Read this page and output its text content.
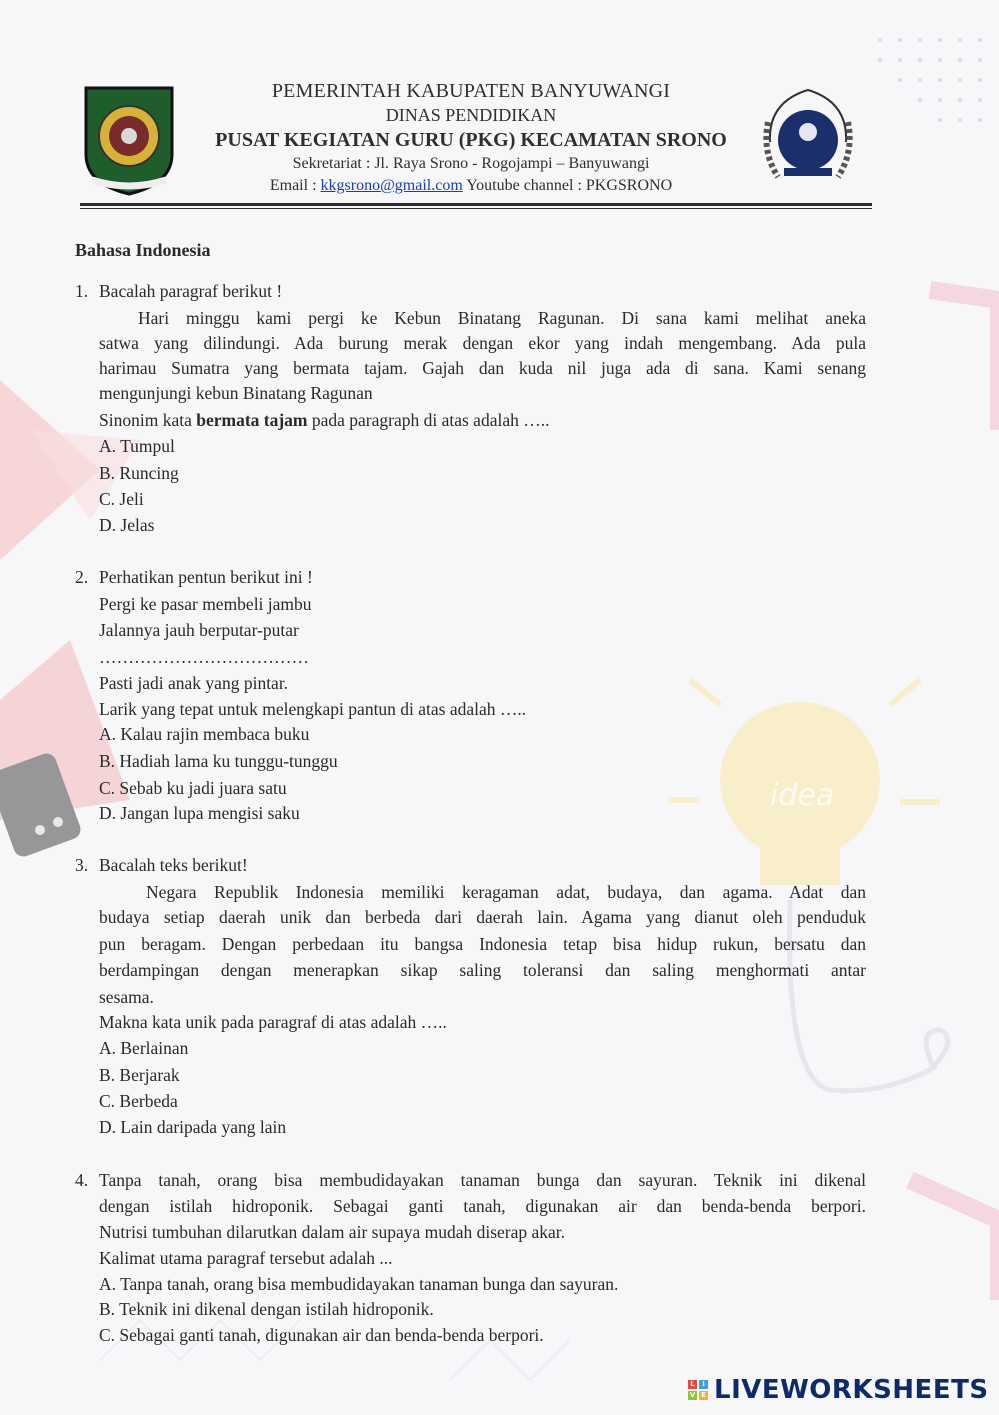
idea
PEMERINTAH KABUPATEN BANYUWANGI
DINAS PENDIDIKAN
PUSAT KEGIATAN GURU (PKG) KECAMATAN SRONO
Sekretariat : Jl. Raya Srono - Rogojampi – Banyuwangi
Email : kkgsrono@gmail.com Youtube channel : PKGSRONO
Bahasa Indonesia
1. Bacalah paragraf berikut !
Hari minggu kami pergi ke Kebun Binatang Ragunan. Di sana kami melihat aneka
satwa yang dilindungi. Ada burung merak dengan ekor yang indah mengembang. Ada pula
harimau Sumatra yang bermata tajam. Gajah dan kuda nil juga ada di sana. Kami senang
mengunjungi kebun Binatang Ragunan
Sinonim kata bermata tajam pada paragraph di atas adalah …..
A. Tumpul
B. Runcing
C. Jeli
D. Jelas
2. Perhatikan pentun berikut ini !
Pergi ke pasar membeli jambu
Jalannya jauh berputar-putar
………………………………
Pasti jadi anak yang pintar.
Larik yang tepat untuk melengkapi pantun di atas adalah …..
A. Kalau rajin membaca buku
B. Hadiah lama ku tunggu-tunggu
C. Sebab ku jadi juara satu
D. Jangan lupa mengisi saku
3. Bacalah teks berikut!
Negara Republik Indonesia memiliki keragaman adat, budaya, dan agama. Adat dan
budaya setiap daerah unik dan berbeda dari daerah lain. Agama yang dianut oleh penduduk
pun beragam. Dengan perbedaan itu bangsa Indonesia tetap bisa hidup rukun, bersatu dan
berdampingan dengan menerapkan sikap saling toleransi dan saling menghormati antar
sesama.
Makna kata unik pada paragraf di atas adalah …..
A. Berlainan
B. Berjarak
C. Berbeda
D. Lain daripada yang lain
4. Tanpa tanah, orang bisa membudidayakan tanaman bunga dan sayuran. Teknik ini dikenal
dengan istilah hidroponik. Sebagai ganti tanah, digunakan air dan benda-benda berpori.
Nutrisi tumbuhan dilarutkan dalam air supaya mudah diserap akar.
Kalimat utama paragraf tersebut adalah ...
A. Tanpa tanah, orang bisa membudidayakan tanaman bunga dan sayuran.
B. Teknik ini dikenal dengan istilah hidroponik.
C. Sebagai ganti tanah, digunakan air dan benda-benda berpori.
L	I
V E LIVEWORKSHEETS
